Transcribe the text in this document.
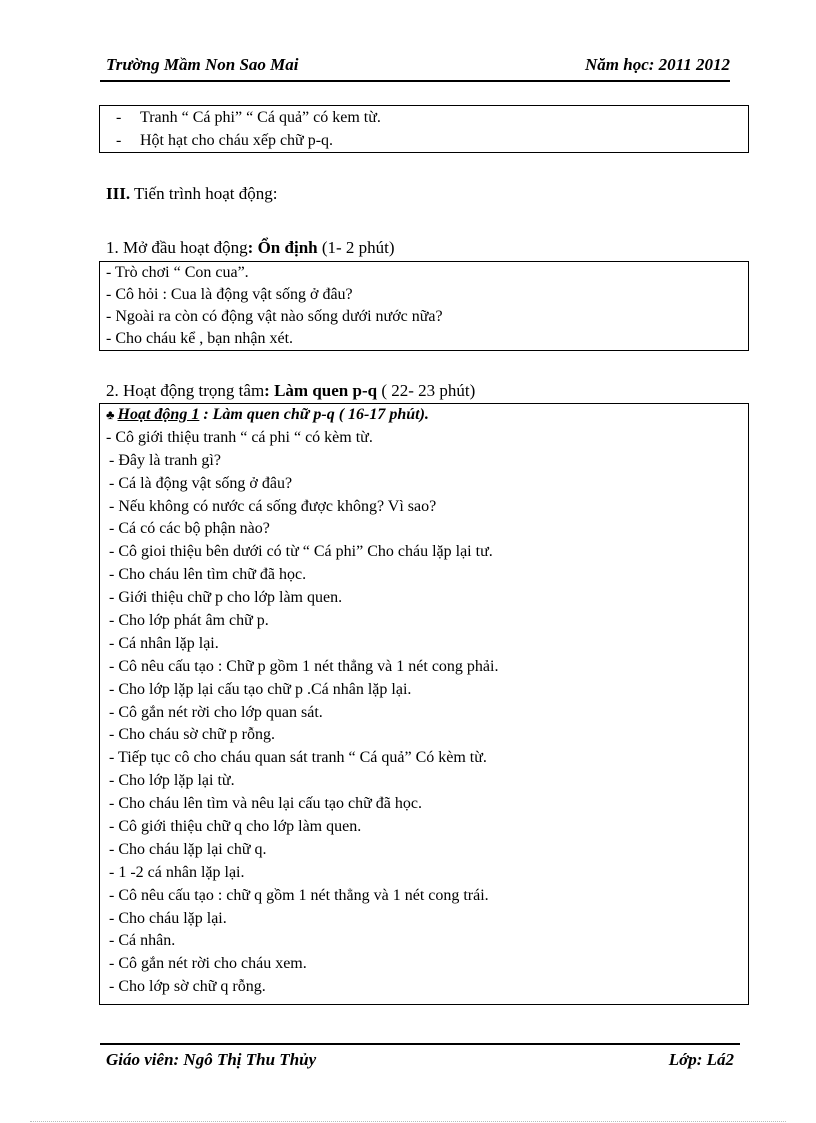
Trường Mầm Non Sao Mai	Năm học: 2011 2012
- Tranh “ Cá phi” “ Cá quả” có kem từ.
- Hột hạt cho cháu xếp chữ p-q.
III. Tiến trình hoạt động:
1. Mở đầu hoạt động: Ổn định (1- 2 phút)
- Trò chơi “ Con cua”.
- Cô hỏi : Cua là động vật sống ở đâu?
- Ngoài ra còn có động vật nào sống dưới nước nữa?
- Cho cháu kể , bạn nhận xét.
2. Hoạt động trọng tâm: Làm quen p-q ( 22- 23 phút)
♣ Hoạt động 1 : Làm quen chữ p-q ( 16-17 phút).
- Cô giới thiệu tranh “ cá phi “ có kèm từ.
- Đây là tranh gì?
- Cá là động vật sống ở đâu?
- Nếu không có nước cá sống được không? Vì sao?
- Cá có các bộ phận nào?
- Cô gioi thiệu bên dưới có từ “ Cá phi” Cho cháu lặp lại tư.
- Cho cháu lên tìm chữ đã học.
- Giới thiệu chữ p cho lớp làm quen.
- Cho lớp phát âm chữ p.
- Cá nhân lặp lại.
- Cô nêu cấu tạo : Chữ p gồm 1 nét thẳng và 1 nét cong phải.
- Cho lớp lặp lại cấu tạo chữ p .Cá nhân lặp lại.
- Cô gắn nét rời cho lớp quan sát.
- Cho cháu sờ chữ p rỗng.
- Tiếp tục cô cho cháu quan sát tranh “ Cá quả” Có kèm từ.
- Cho lớp lặp lại từ.
- Cho cháu lên tìm và nêu lại cấu tạo chữ đã học.
- Cô giới thiệu chữ q cho lớp làm quen.
- Cho cháu lặp lại chữ q.
- 1 -2 cá nhân lặp lại.
- Cô nêu cấu tạo : chữ q gồm 1 nét thẳng và 1 nét cong trái.
- Cho cháu lặp lại.
- Cá nhân.
- Cô gắn nét rời cho cháu xem.
- Cho lớp sờ chữ q rỗng.
Giáo viên: Ngô Thị Thu Thủy	Lớp: Lá2
